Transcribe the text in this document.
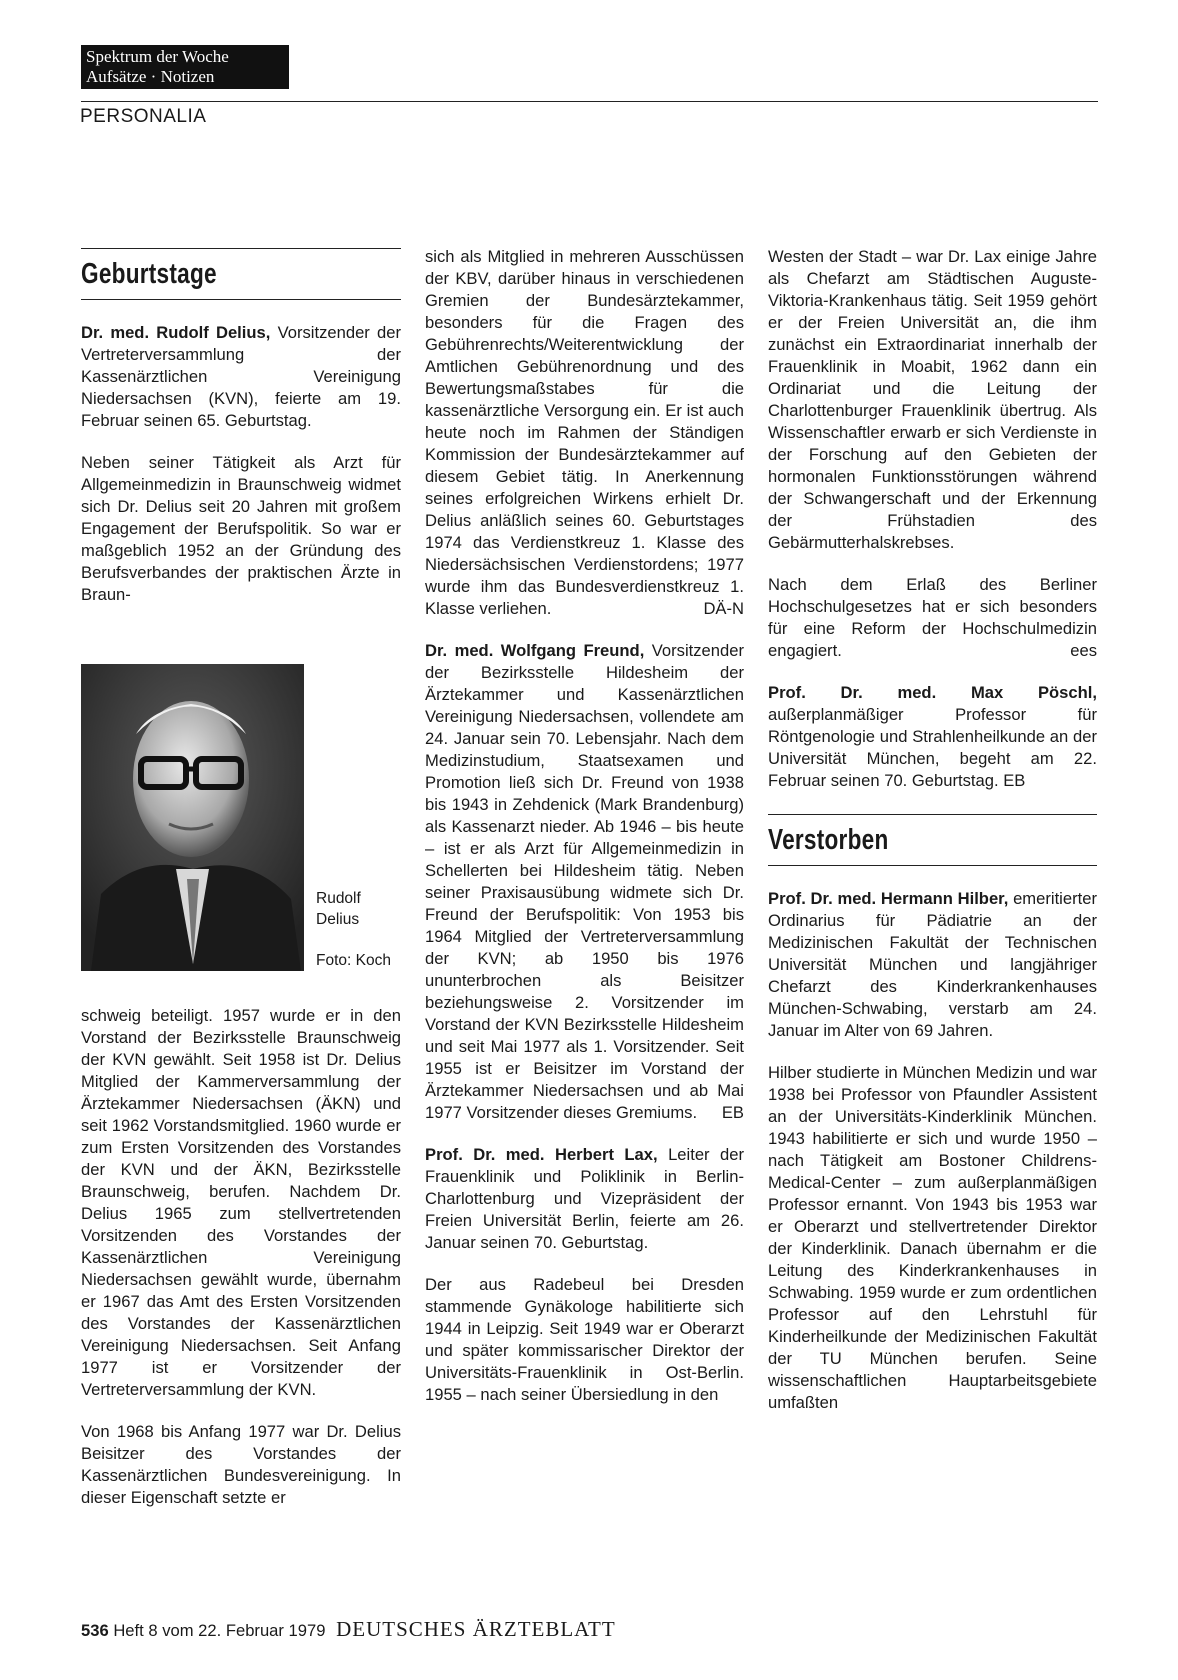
Spektrum der Woche
Aufsätze · Notizen
PERSONALIA
Geburtstage

Dr. med. Rudolf Delius, Vorsitzender der Vertreterversammlung der Kassenärztlichen Vereinigung Niedersachsen (KVN), feierte am 19. Februar seinen 65. Geburtstag.

Neben seiner Tätigkeit als Arzt für Allgemeinmedizin in Braunschweig widmet sich Dr. Delius seit 20 Jahren mit großem Engagement der Berufspolitik. So war er maßgeblich 1952 an der Gründung des Berufsverbandes der praktischen Ärzte in Braun-

Rudolf
Delius
Foto: Koch

schweig beteiligt. 1957 wurde er in den Vorstand der Bezirksstelle Braunschweig der KVN gewählt. Seit 1958 ist Dr. Delius Mitglied der Kammerversammlung der Ärztekammer Niedersachsen (ÄKN) und seit 1962 Vorstandsmitglied. 1960 wurde er zum Ersten Vorsitzenden des Vorstandes der KVN und der ÄKN, Bezirksstelle Braunschweig, berufen. Nachdem Dr. Delius 1965 zum stellvertretenden Vorsitzenden des Vorstandes der Kassenärztlichen Vereinigung Niedersachsen gewählt wurde, übernahm er 1967 das Amt des Ersten Vorsitzenden des Vorstandes der Kassenärztlichen Vereinigung Niedersachsen. Seit Anfang 1977 ist er Vorsitzender der Vertreterversammlung der KVN.

Von 1968 bis Anfang 1977 war Dr. Delius Beisitzer des Vorstandes der Kassenärztlichen Bundesvereinigung. In dieser Eigenschaft setzte er

sich als Mitglied in mehreren Ausschüssen der KBV, darüber hinaus in verschiedenen Gremien der Bundesärztekammer, besonders für die Fragen des Gebührenrechts/Weiterentwicklung der Amtlichen Gebührenordnung und des Bewertungsmaßstabes für die kassenärztliche Versorgung ein. Er ist auch heute noch im Rahmen der Ständigen Kommission der Bundesärztekammer auf diesem Gebiet tätig. In Anerkennung seines erfolgreichen Wirkens erhielt Dr. Delius anläßlich seines 60. Geburtstages 1974 das Verdienstkreuz 1. Klasse des Niedersächsischen Verdienstordens; 1977 wurde ihm das Bundesverdienstkreuz 1. Klasse verliehen.	DÄ-N

Dr. med. Wolfgang Freund, Vorsitzender der Bezirksstelle Hildesheim der Ärztekammer und Kassenärztlichen Vereinigung Niedersachsen, vollendete am 24. Januar sein 70. Lebensjahr. Nach dem Medizinstudium, Staatsexamen und Promotion ließ sich Dr. Freund von 1938 bis 1943 in Zehdenick (Mark Brandenburg) als Kassenarzt nieder. Ab 1946 – bis heute – ist er als Arzt für Allgemeinmedizin in Schellerten bei Hildesheim tätig. Neben seiner Praxisausübung widmete sich Dr. Freund der Berufspolitik: Von 1953 bis 1964 Mitglied der Vertreterversammlung der KVN; ab 1950 bis 1976 ununterbrochen als Beisitzer beziehungsweise 2. Vorsitzender im Vorstand der KVN Bezirksstelle Hildesheim und seit Mai 1977 als 1. Vorsitzender. Seit 1955 ist er Beisitzer im Vorstand der Ärztekammer Niedersachsen und ab Mai 1977 Vorsitzender dieses Gremiums. EB

Prof. Dr. med. Herbert Lax, Leiter der Frauenklinik und Poliklinik in Berlin-Charlottenburg und Vizepräsident der Freien Universität Berlin, feierte am 26. Januar seinen 70. Geburtstag.

Der aus Radebeul bei Dresden stammende Gynäkologe habilitierte sich 1944 in Leipzig. Seit 1949 war er Oberarzt und später kommissarischer Direktor der Universitäts-Frauenklinik in Ost-Berlin. 1955 – nach seiner Übersiedlung in den

Westen der Stadt – war Dr. Lax einige Jahre als Chefarzt am Städtischen Auguste-Viktoria-Krankenhaus tätig. Seit 1959 gehört er der Freien Universität an, die ihm zunächst ein Extraordinariat innerhalb der Frauenklinik in Moabit, 1962 dann ein Ordinariat und die Leitung der Charlottenburger Frauenklinik übertrug. Als Wissenschaftler erwarb er sich Verdienste in der Forschung auf den Gebieten der hormonalen Funktionsstörungen während der Schwangerschaft und der Erkennung der Frühstadien des Gebärmutterhalskrebses.

Nach dem Erlaß des Berliner Hochschulgesetzes hat er sich besonders für eine Reform der Hochschulmedizin engagiert.	ees

Prof. Dr. med. Max Pöschl, außerplanmäßiger Professor für Röntgenologie und Strahlenheilkunde an der Universität München, begeht am 22. Februar seinen 70. Geburtstag. EB

Verstorben

Prof. Dr. med. Hermann Hilber, emeritierter Ordinarius für Pädiatrie an der Medizinischen Fakultät der Technischen Universität München und langjähriger Chefarzt des Kinderkrankenhauses München-Schwabing, verstarb am 24. Januar im Alter von 69 Jahren.

Hilber studierte in München Medizin und war 1938 bei Professor von Pfaundler Assistent an der Universitäts-Kinderklinik München. 1943 habilitierte er sich und wurde 1950 – nach Tätigkeit am Bostoner Childrens-Medical-Center – zum außerplanmäßigen Professor ernannt. Von 1943 bis 1953 war er Oberarzt und stellvertretender Direktor der Kinderklinik. Danach übernahm er die Leitung des Kinderkrankenhauses in Schwabing. 1959 wurde er zum ordentlichen Professor auf den Lehrstuhl für Kinderheilkunde der Medizinischen Fakultät der TU München berufen. Seine wissenschaftlichen Hauptarbeitsgebiete umfaßten

536 Heft 8 vom 22. Februar 1979 DEUTSCHES ÄRZTEBLATT
